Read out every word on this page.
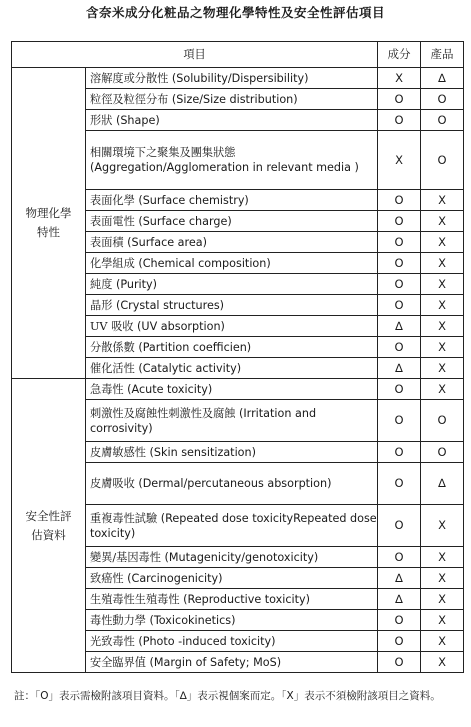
含奈米成分化粧品之物理化學特性及安全性評估項目
項目		成分	產品

物理化學
特性	溶解度或分散性 (Solubility/Dispersibility)	X	∆
	粒徑及粒徑分布 (Size/Size distribution)	O	O
	形狀 (Shape)	O	O
	相關環境下之聚集及團集狀態 (Aggregation/Agglomeration in relevant media )	X	O
	表面化學 (Surface chemistry)	O	X
	表面電性 (Surface charge)	O	X
	表面積 (Surface area)	O	X
	化學組成 (Chemical composition)	O	X
	純度 (Purity)	O	X
	晶形 (Crystal structures)	O	X
	UV 吸收 (UV absorption)	∆	X
	分散係數 (Partition coefficien)	O	X
	催化活性 (Catalytic activity)	∆	X

安全性評
估資料	急毒性 (Acute toxicity)	O	X
	刺激性及腐蝕性刺激性及腐蝕 (Irritation and corrosivity)	O	O
	皮膚敏感性 (Skin sensitization)	O	O
	皮膚吸收 (Dermal/percutaneous absorption)	O	∆
	重複毒性試驗 (Repeated dose toxicityRepeated dose toxicity)	O	X
	變異/基因毒性 (Mutagenicity/genotoxicity)	O	X
	致癌性 (Carcinogenicity)	∆	X
	生殖毒性生殖毒性 (Reproductive toxicity)	∆	X
	毒性動力學 (Toxicokinetics)	O	X
	光致毒性 (Photo -induced toxicity)	O	X
	安全臨界值 (Margin of Safety; MoS)	O	X
註：「O」表示需檢附該項目資料。「∆」表示視個案而定。「X」表示不須檢附該項目之資料。
